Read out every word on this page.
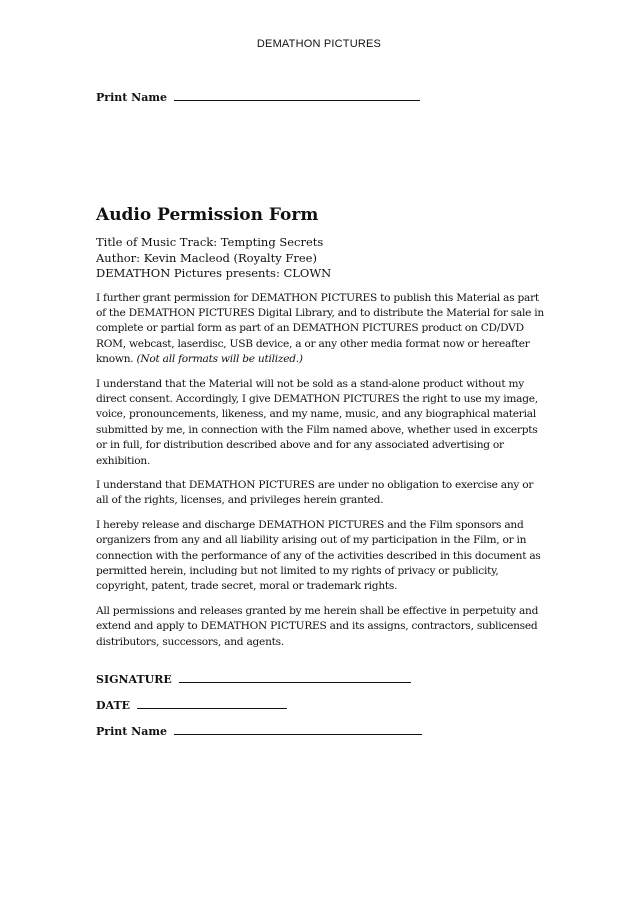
DEMATHON PICTURES
Print Name
Audio Permission Form

Title of Music Track: Tempting Secrets

Author: Kevin Macleod (Royalty Free)

DEMATHON Pictures presents: CLOWN

I further grant permission for DEMATHON PICTURES to publish this Material as part of the DEMATHON PICTURES Digital Library, and to distribute the Material for sale in complete or partial form as part of an DEMATHON PICTURES product on CD/DVD ROM, webcast, laserdisc, USB device, a or any other media format now or hereafter known. (Not all formats will be utilized.)

I understand that the Material will not be sold as a stand-alone product without my direct consent. Accordingly, I give DEMATHON PICTURES the right to use my image, voice, pronouncements, likeness, and my name, music, and any biographical material submitted by me, in connection with the Film named above, whether used in excerpts or in full, for distribution described above and for any associated advertising or exhibition.

I understand that DEMATHON PICTURES are under no obligation to exercise any or all of the rights, licenses, and privileges herein granted.

I hereby release and discharge DEMATHON PICTURES and the Film sponsors and organizers from any and all liability arising out of my participation in the Film, or in connection with the performance of any of the activities described in this document as permitted herein, including but not limited to my rights of privacy or publicity, copyright, patent, trade secret, moral or trademark rights.

All permissions and releases granted by me herein shall be effective in perpetuity and extend and apply to DEMATHON PICTURES and its assigns, contractors, sublicensed distributors, successors, and agents.

SIGNATURE
DATE
Print Name
